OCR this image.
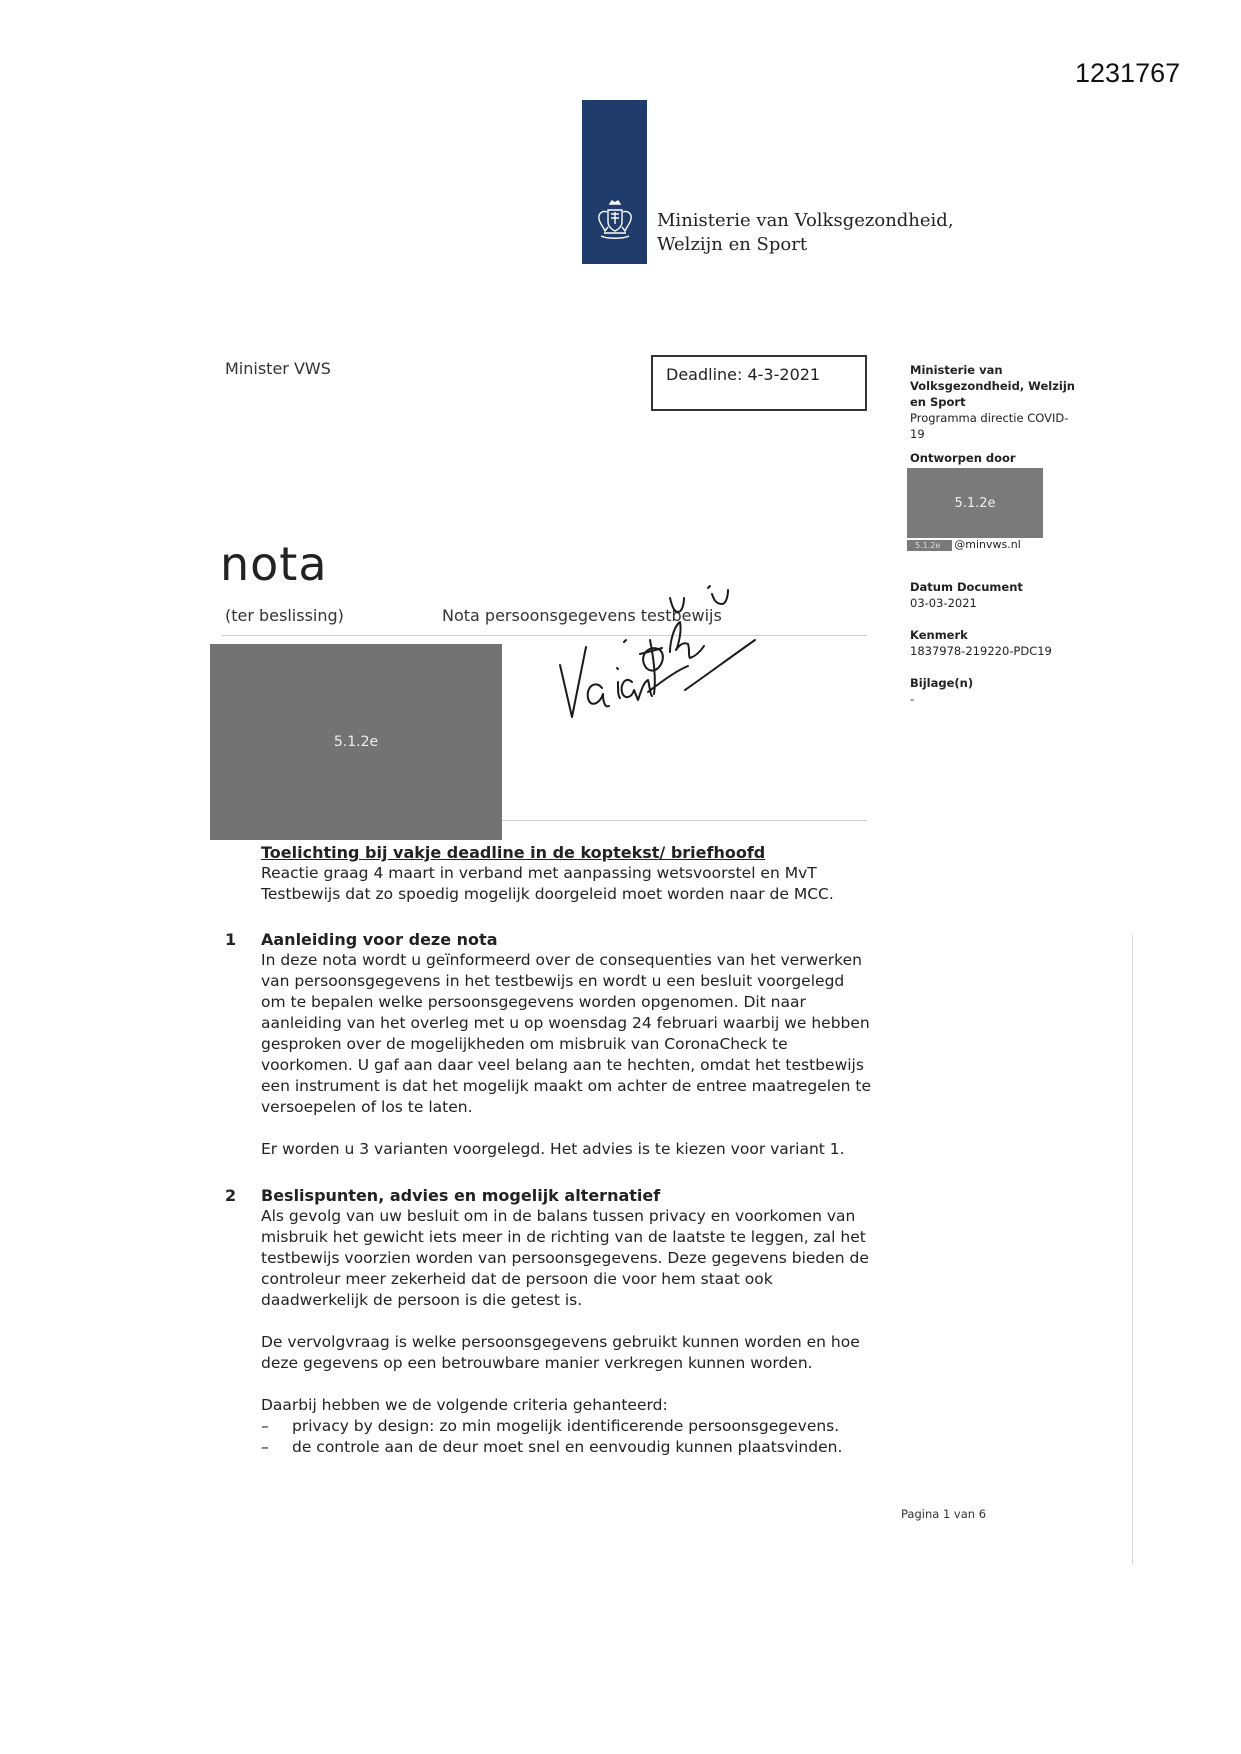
1231767
Ministerie van Volksgezondheid,
Welzijn en Sport
Minister VWS	Deadline: 4-3-2021	Ministerie van
Volksgezondheid, Welzijn
en Sport
Programma directie COVID-
19
Ontworpen door
5.1.2e
5.1.2e @minvws.nl
Datum Document
03-03-2021
Kenmerk
1837978-219220-PDC19
Bijlage(n)
-
nota
(ter beslissing)	Nota persoonsgegevens testbewijs
5.1.2e
Toelichting bij vakje deadline in de koptekst/ briefhoofd
Reactie graag 4 maart in verband met aanpassing wetsvoorstel en MvT
Testbewijs dat zo spoedig mogelijk doorgeleid moet worden naar de MCC.
1 Aanleiding voor deze nota
In deze nota wordt u geïnformeerd over de consequenties van het verwerken
van persoonsgegevens in het testbewijs en wordt u een besluit voorgelegd
om te bepalen welke persoonsgegevens worden opgenomen. Dit naar
aanleiding van het overleg met u op woensdag 24 februari waarbij we hebben
gesproken over de mogelijkheden om misbruik van CoronaCheck te
voorkomen. U gaf aan daar veel belang aan te hechten, omdat het testbewijs
een instrument is dat het mogelijk maakt om achter de entree maatregelen te
versoepelen of los te laten.
Er worden u 3 varianten voorgelegd. Het advies is te kiezen voor variant 1.
2 Beslispunten, advies en mogelijk alternatief
Als gevolg van uw besluit om in de balans tussen privacy en voorkomen van
misbruik het gewicht iets meer in de richting van de laatste te leggen, zal het
testbewijs voorzien worden van persoonsgegevens. Deze gegevens bieden de
controleur meer zekerheid dat de persoon die voor hem staat ook
daadwerkelijk de persoon is die getest is.
De vervolgvraag is welke persoonsgegevens gebruikt kunnen worden en hoe
deze gegevens op een betrouwbare manier verkregen kunnen worden.
Daarbij hebben we de volgende criteria gehanteerd:
– privacy by design: zo min mogelijk identificerende persoonsgegevens.
– de controle aan de deur moet snel en eenvoudig kunnen plaatsvinden.
Pagina 1 van 6
